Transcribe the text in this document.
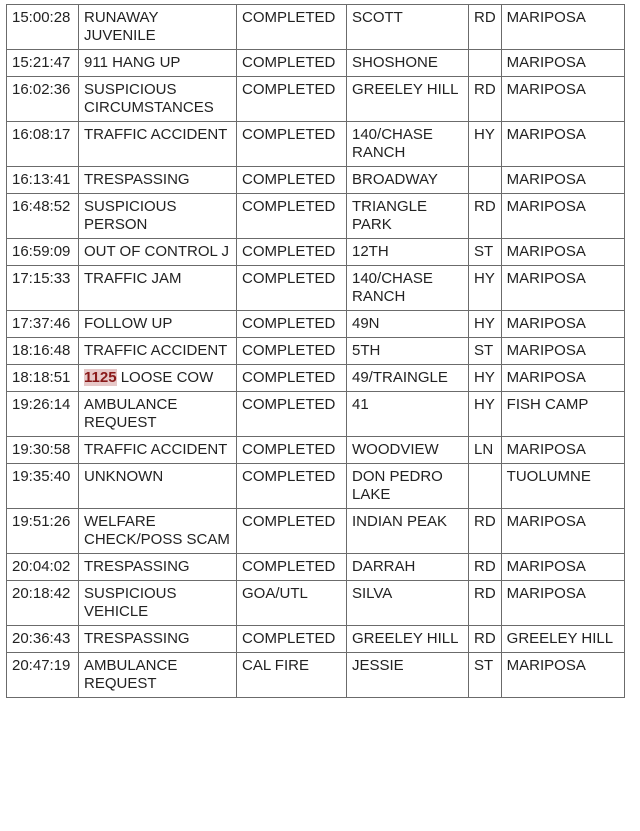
15:00:28	RUNAWAY JUVENILE	COMPLETED	SCOTT	RD	MARIPOSA
15:21:47	911 HANG UP	COMPLETED	SHOSHONE		MARIPOSA
16:02:36	SUSPICIOUS CIRCUMSTANCES	COMPLETED	GREELEY HILL	RD	MARIPOSA
16:08:17	TRAFFIC ACCIDENT	COMPLETED	140/CHASE RANCH	HY	MARIPOSA
16:13:41	TRESPASSING	COMPLETED	BROADWAY		MARIPOSA
16:48:52	SUSPICIOUS PERSON	COMPLETED	TRIANGLE PARK	RD	MARIPOSA
16:59:09	OUT OF CONTROL J	COMPLETED	12TH	ST	MARIPOSA
17:15:33	TRAFFIC JAM	COMPLETED	140/CHASE RANCH	HY	MARIPOSA
17:37:46	FOLLOW UP	COMPLETED	49N	HY	MARIPOSA
18:16:48	TRAFFIC ACCIDENT	COMPLETED	5TH	ST	MARIPOSA
18:18:51	1125 LOOSE COW	COMPLETED	49/TRAINGLE	HY	MARIPOSA
19:26:14	AMBULANCE REQUEST	COMPLETED	41	HY	FISH CAMP
19:30:58	TRAFFIC ACCIDENT	COMPLETED	WOODVIEW	LN	MARIPOSA
19:35:40	UNKNOWN	COMPLETED	DON PEDRO LAKE		TUOLUMNE
19:51:26	WELFARE CHECK/POSS SCAM	COMPLETED	INDIAN PEAK	RD	MARIPOSA
20:04:02	TRESPASSING	COMPLETED	DARRAH	RD	MARIPOSA
20:18:42	SUSPICIOUS VEHICLE	GOA/UTL	SILVA	RD	MARIPOSA
20:36:43	TRESPASSING	COMPLETED	GREELEY HILL	RD	GREELEY HILL
20:47:19	AMBULANCE REQUEST	CAL FIRE	JESSIE	ST	MARIPOSA
